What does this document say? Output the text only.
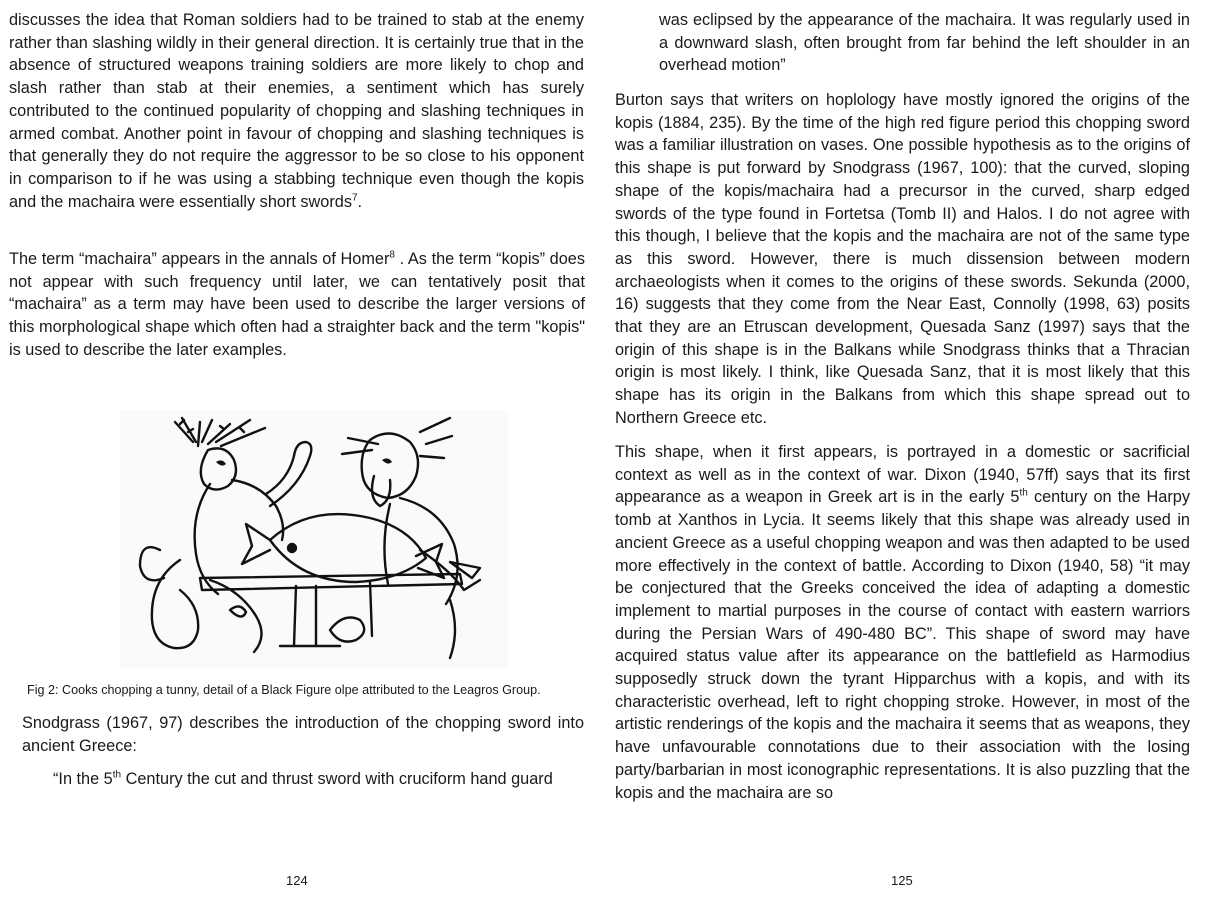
discusses the idea that Roman soldiers had to be trained to stab at the enemy rather than slashing wildly in their general direction. It is certainly true that in the absence of structured weapons training soldiers are more likely to chop and slash rather than stab at their enemies, a sentiment which has surely contributed to the continued popularity of chopping and slashing techniques in armed combat. Another point in favour of chopping and slashing techniques is that generally they do not require the aggressor to be so close to his opponent in comparison to if he was using a stabbing technique even though the kopis and the machaira were essentially short swords$^7$.

The term “machaira” appears in the annals of Homer$^8$ . As the term “kopis” does not appear with such frequency until later, we can tentatively posit that “machaira” as a term may have been used to describe the larger versions of this morphological shape which often had a straighter back and the term "kopis" is used to describe the later examples.

Fig 2: Cooks chopping a tunny, detail of a Black Figure olpe attributed to the Leagros Group.

Snodgrass (1967, 97) describes the introduction of the chopping sword into ancient Greece:

“In the 5th Century the cut and thrust sword with cruciform hand guard

124

was eclipsed by the appearance of the machaira. It was regularly used in a downward slash, often brought from far behind the left shoulder in an overhead motion”

Burton says that writers on hoplology have mostly ignored the origins of the kopis (1884, 235). By the time of the high red figure period this chopping sword was a familiar illustration on vases. One possible hypothesis as to the origins of this shape is put forward by Snodgrass (1967, 100): that the curved, sloping shape of the kopis/machaira had a precursor in the curved, sharp edged swords of the type found in Fortetsa (Tomb II) and Halos. I do not agree with this though, I believe that the kopis and the machaira are not of the same type as this sword. However, there is much dissension between modern archaeologists when it comes to the origins of these swords. Sekunda (2000, 16) suggests that they come from the Near East, Connolly (1998, 63) posits that they are an Etruscan development, Quesada Sanz (1997) says that the origin of this shape is in the Balkans while Snodgrass thinks that a Thracian origin is most likely. I think, like Quesada Sanz, that it is most likely that this shape has its origin in the Balkans from which this shape spread out to Northern Greece etc.

This shape, when it first appears, is portrayed in a domestic or sacrificial context as well as in the context of war. Dixon (1940, 57ff) says that its first appearance as a weapon in Greek art is in the early 5th century on the Harpy tomb at Xanthos in Lycia. It seems likely that this shape was already used in ancient Greece as a useful chopping weapon and was then adapted to be used more effectively in the context of battle. According to Dixon (1940, 58) “it may be conjectured that the Greeks conceived the idea of adapting a domestic implement to martial purposes in the course of contact with eastern warriors during the Persian Wars of 490-480 BC”. This shape of sword may have acquired status value after its appearance on the battlefield as Harmodius supposedly struck down the tyrant Hipparchus with a kopis, and with its characteristic overhead, left to right chopping stroke. However, in most of the artistic renderings of the kopis and the machaira it seems that as weapons, they have unfavourable connotations due to their association with the losing party/barbarian in most iconographic representations. It is also puzzling that the kopis and the machaira are so

125
